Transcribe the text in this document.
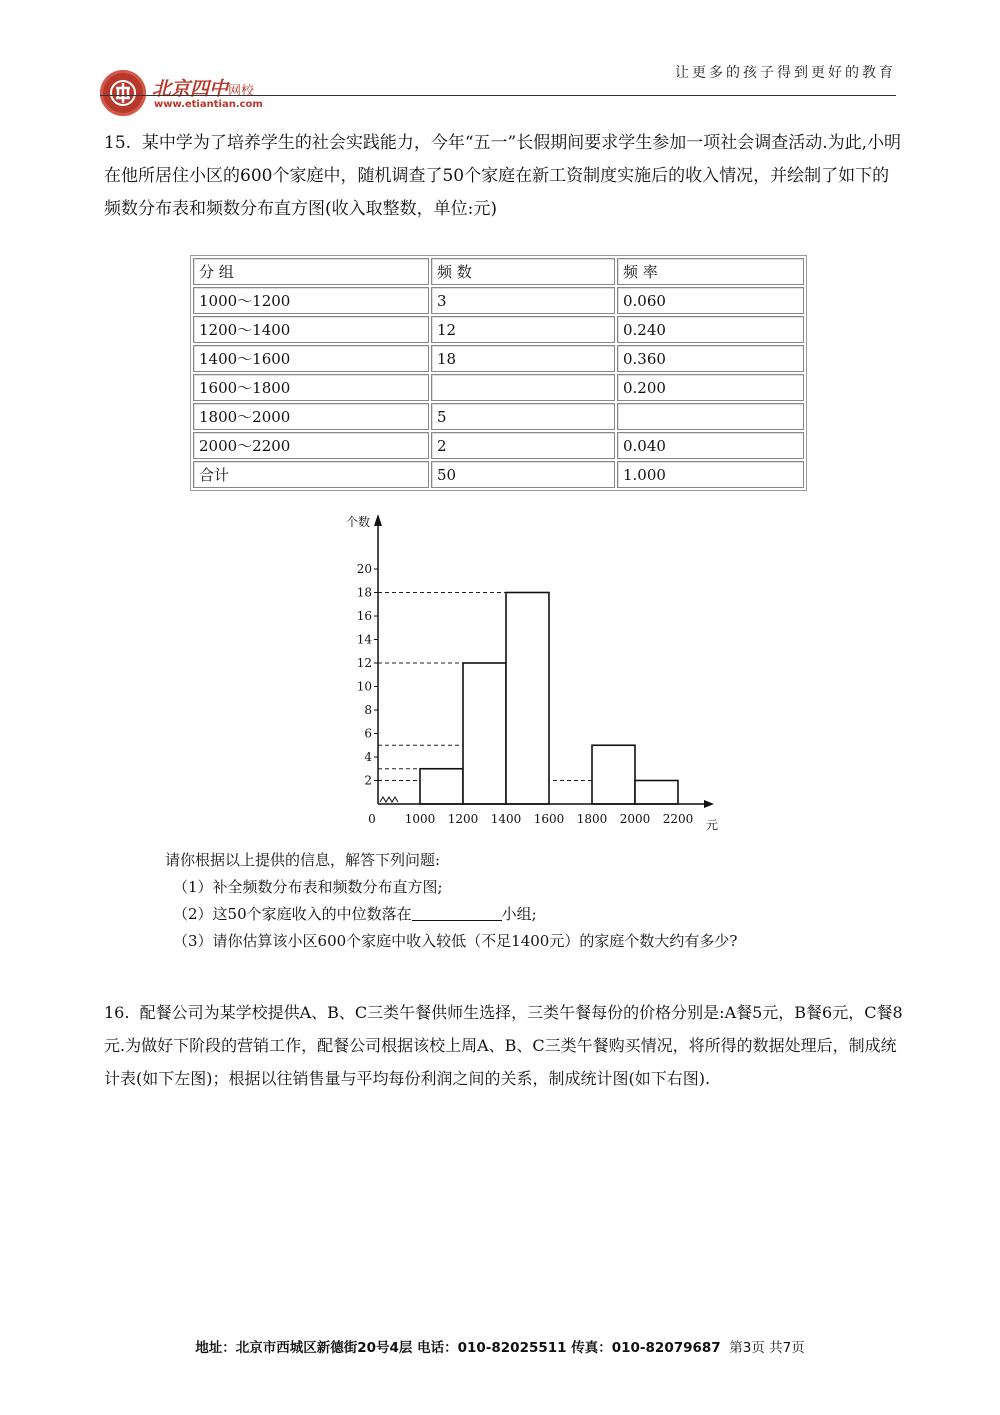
北京四中网校
www.etiantian.com
让更多的孩子得到更好的教育
15.  某中学为了培养学生的社会实践能力，今年“五一”长假期间要求学生参加一项社会调查活动.为此,小明在他所居住小区的600个家庭中，随机调查了50个家庭在新工资制度实施后的收入情况，并绘制了如下的频数分布表和频数分布直方图(收入取整数，单位:元)
分 组	频 数	频 率
1000～1200	3	0.060
1200～1400	12	0.240
1400～1600	18	0.360
1600～1800		0.200
1800～2000	5	
2000～2200	2	0.040
合计	50	1.000
2
4
6
8
10
12
14
16
18
20
1000 1200 1400 1600 1800 2000 2200
0
个数
元
请你根据以上提供的信息，解答下列问题:
（1）补全频数分布表和频数分布直方图;
（2）这50个家庭收入的中位数落在	小组;
（3）请你估算该小区600个家庭中收入较低（不足1400元）的家庭个数大约有多少?
16.  配餐公司为某学校提供A、B、C三类午餐供师生选择，三类午餐每份的价格分别是:A餐5元，B餐6元，C餐8元.为做好下阶段的营销工作，配餐公司根据该校上周A、B、C三类午餐购买情况，将所得的数据处理后，制成统计表(如下左图)；根据以往销售量与平均每份利润之间的关系，制成统计图(如下右图).
地址：北京市西城区新德街20号4层 电话：010-82025511 传真：010-82079687 第3页 共7页
